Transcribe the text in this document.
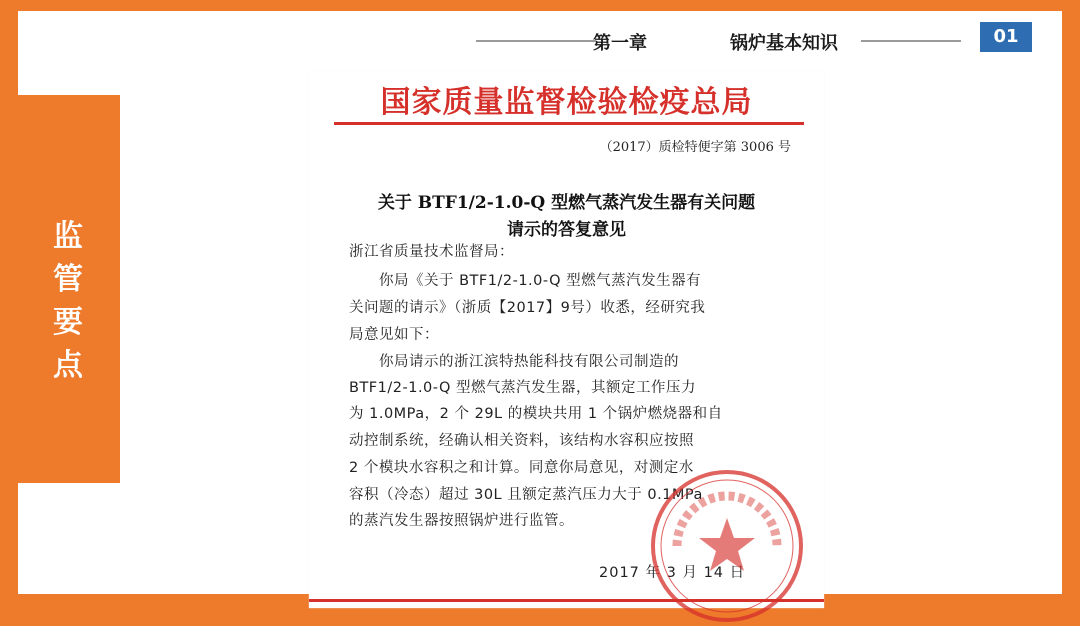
第一章	锅炉基本知识	01
监
管
要
点
国家质量监督检验检疫总局
（2017）质检特便字第 3006 号
关于 BTF1/2-1.0-Q 型燃气蒸汽发生器有关问题
请示的答复意见
浙江省质量技术监督局：
　　你局《关于 BTF1/2-1.0-Q 型燃气蒸汽发生器有
关问题的请示》（浙质【2017】9号）收悉，经研究我
局意见如下：
　　你局请示的浙江滨特热能科技有限公司制造的
BTF1/2-1.0-Q 型燃气蒸汽发生器，其额定工作压力
为 1.0MPa，2 个 29L 的模块共用 1 个锅炉燃烧器和自
动控制系统，经确认相关资料，该结构水容积应按照
2 个模块水容积之和计算。同意你局意见，对测定水
容积（冷态）超过 30L 且额定蒸汽压力大于 0.1MPa
的蒸汽发生器按照锅炉进行监管。
2017 年 3 月 14 日
